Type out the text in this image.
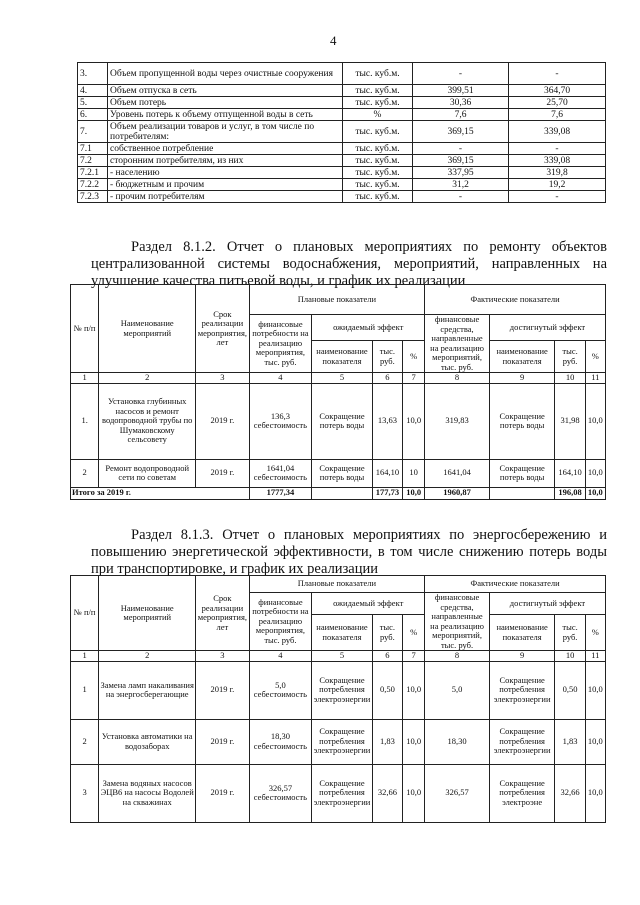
4
3.	Объем пропущенной воды через очистные сооружения	тыс. куб.м.	-	-
4.	Объем отпуска в сеть	тыс. куб.м.	399,51	364,70
5.	Объем потерь	тыс. куб.м.	30,36	25,70
6.	Уровень потерь к объему отпущенной воды в сеть	%	7,6	7,6
7.	Объем реализации товаров и услуг, в том числе по потребителям:	тыс. куб.м.	369,15	339,08
7.1	собственное потребление	тыс. куб.м.	-	-
7.2	сторонним потребителям, из них	тыс. куб.м.	369,15	339,08
7.2.1	- населению	тыс. куб.м.	337,95	319,8
7.2.2	- бюджетным и прочим	тыс. куб.м.	31,2	19,2
7.2.3	- прочим потребителям	тыс. куб.м.	-	-
Раздел 8.1.2. Отчет о плановых мероприятиях по ремонту объектов централизованной системы водоснабжения, мероприятий, направленных на улучшение качества питьевой воды, и график их реализации
№ п/п	Наименование мероприятий	Срок реализации мероприятия, лет	Плановые показатели				Фактические показатели			
			финансовые потребности на реализацию мероприятия, тыс. руб.	ожидаемый эффект			финансовые средства, направленные на реализацию мероприятий, тыс. руб.	достигнутый эффект		
				наименование показателя	тыс. руб.	%		наименование показателя	тыс. руб.	%
1	2	3	4	5	6	7	8	9	10	11
1.	Установка глубинных насосов и ремонт водопроводной трубы по Шумаковскому сельсовету	2019 г.	136,3 себестоимость	Сокращение потерь воды	13,63	10,0	319,83	Сокращение потерь воды	31,98	10,0
2	Ремонт водопроводной сети по советам	2019 г.	1641,04 себестоимость	Сокращение потерь воды	164,10	10	1641,04	Сокращение потерь воды	164,10	10,0
Итого за 2019 г.			1777,34		177,73	10,0	1960,87		196,08	10,0
Раздел 8.1.3. Отчет о плановых мероприятиях по энергосбережению и повышению энергетической эффективности, в том числе снижению потерь воды при транспортировке, и график их реализации
№ п/п	Наименование мероприятий	Срок реализации мероприятия, лет	Плановые показатели				Фактические показатели			
			финансовые потребности на реализацию мероприятия, тыс. руб.	ожидаемый эффект			финансовые средства, направленные на реализацию мероприятий, тыс. руб.	достигнутый эффект		
				наименование показателя	тыс. руб.	%		наименование показателя	тыс. руб.	%
1	2	3	4	5	6	7	8	9	10	11
1	Замена ламп накаливания на энергосберегающие	2019 г.	5,0 себестоимость	Сокращение потребления электроэнергии	0,50	10,0	5,0	Сокращение потребления электроэнергии	0,50	10,0
2	Установка автоматики на водозаборах	2019 г.	18,30 себестоимость	Сокращение потребления электроэнергии	1,83	10,0	18,30	Сокращение потребления электроэнергии	1,83	10,0
3	Замена водяных насосов ЭЦВ6 на насосы Водолей на скважинах	2019 г.	326,57 себестоимость	Сокращение потребления электроэнергии	32,66	10,0	326,57	Сокращение потребления электроэне	32,66	10,0
